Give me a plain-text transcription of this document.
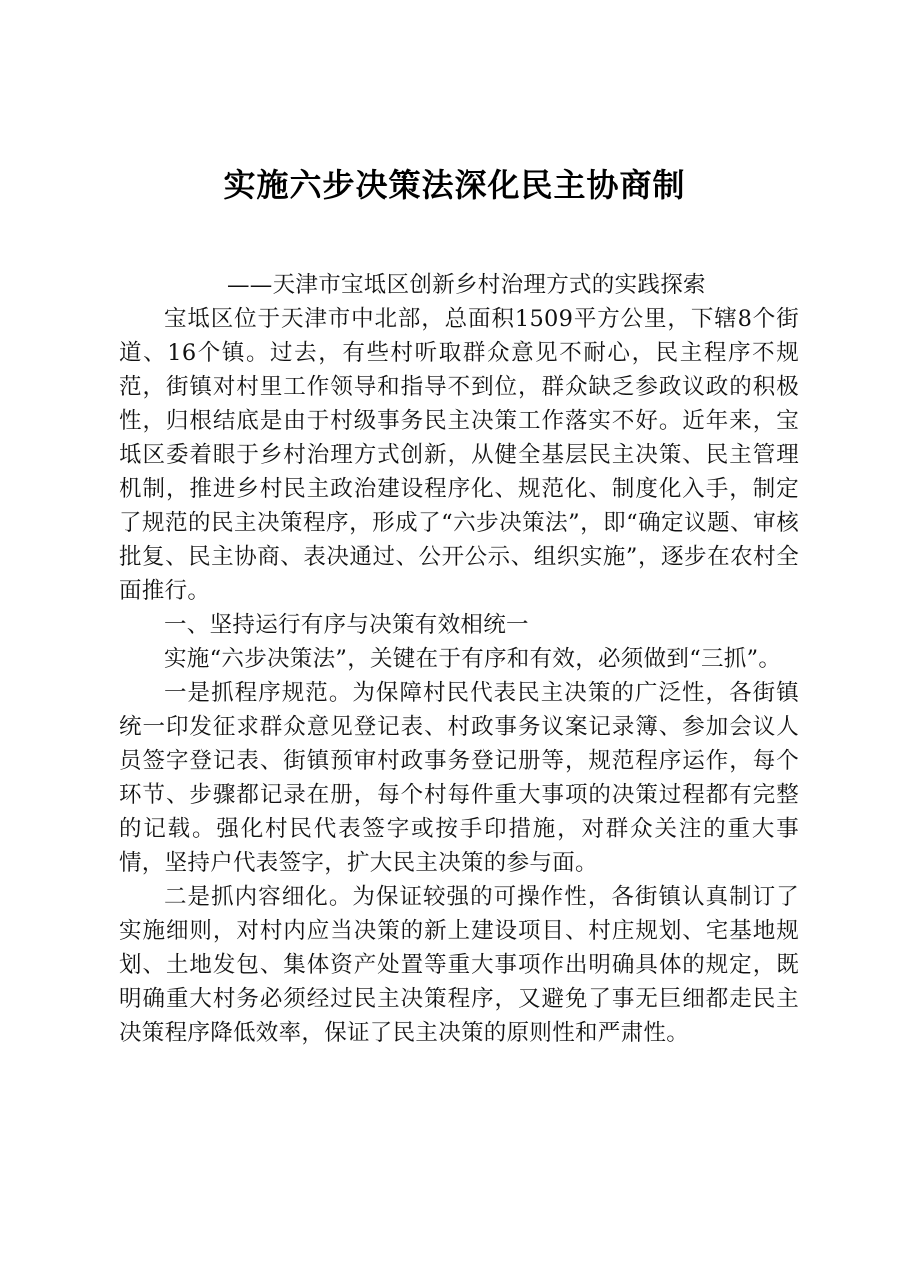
实施六步决策法深化民主协商制

——天津市宝坻区创新乡村治理方式的实践探索

宝坻区位于天津市中北部，总面积1509平方公里，下辖8个街道、16个镇。过去，有些村听取群众意见不耐心，民主程序不规范，街镇对村里工作领导和指导不到位，群众缺乏参政议政的积极性，归根结底是由于村级事务民主决策工作落实不好。近年来，宝坻区委着眼于乡村治理方式创新，从健全基层民主决策、民主管理机制，推进乡村民主政治建设程序化、规范化、制度化入手，制定了规范的民主决策程序，形成了“六步决策法”，即“确定议题、审核批复、民主协商、表决通过、公开公示、组织实施”，逐步在农村全面推行。

一、坚持运行有序与决策有效相统一

实施“六步决策法”，关键在于有序和有效，必须做到“三抓”。

一是抓程序规范。为保障村民代表民主决策的广泛性，各街镇统一印发征求群众意见登记表、村政事务议案记录簿、参加会议人员签字登记表、街镇预审村政事务登记册等，规范程序运作，每个环节、步骤都记录在册，每个村每件重大事项的决策过程都有完整的记载。强化村民代表签字或按手印措施，对群众关注的重大事情，坚持户代表签字，扩大民主决策的参与面。

二是抓内容细化。为保证较强的可操作性，各街镇认真制订了实施细则，对村内应当决策的新上建设项目、村庄规划、宅基地规划、土地发包、集体资产处置等重大事项作出明确具体的规定，既明确重大村务必须经过民主决策程序，又避免了事无巨细都走民主决策程序降低效率，保证了民主决策的原则性和严肃性。
